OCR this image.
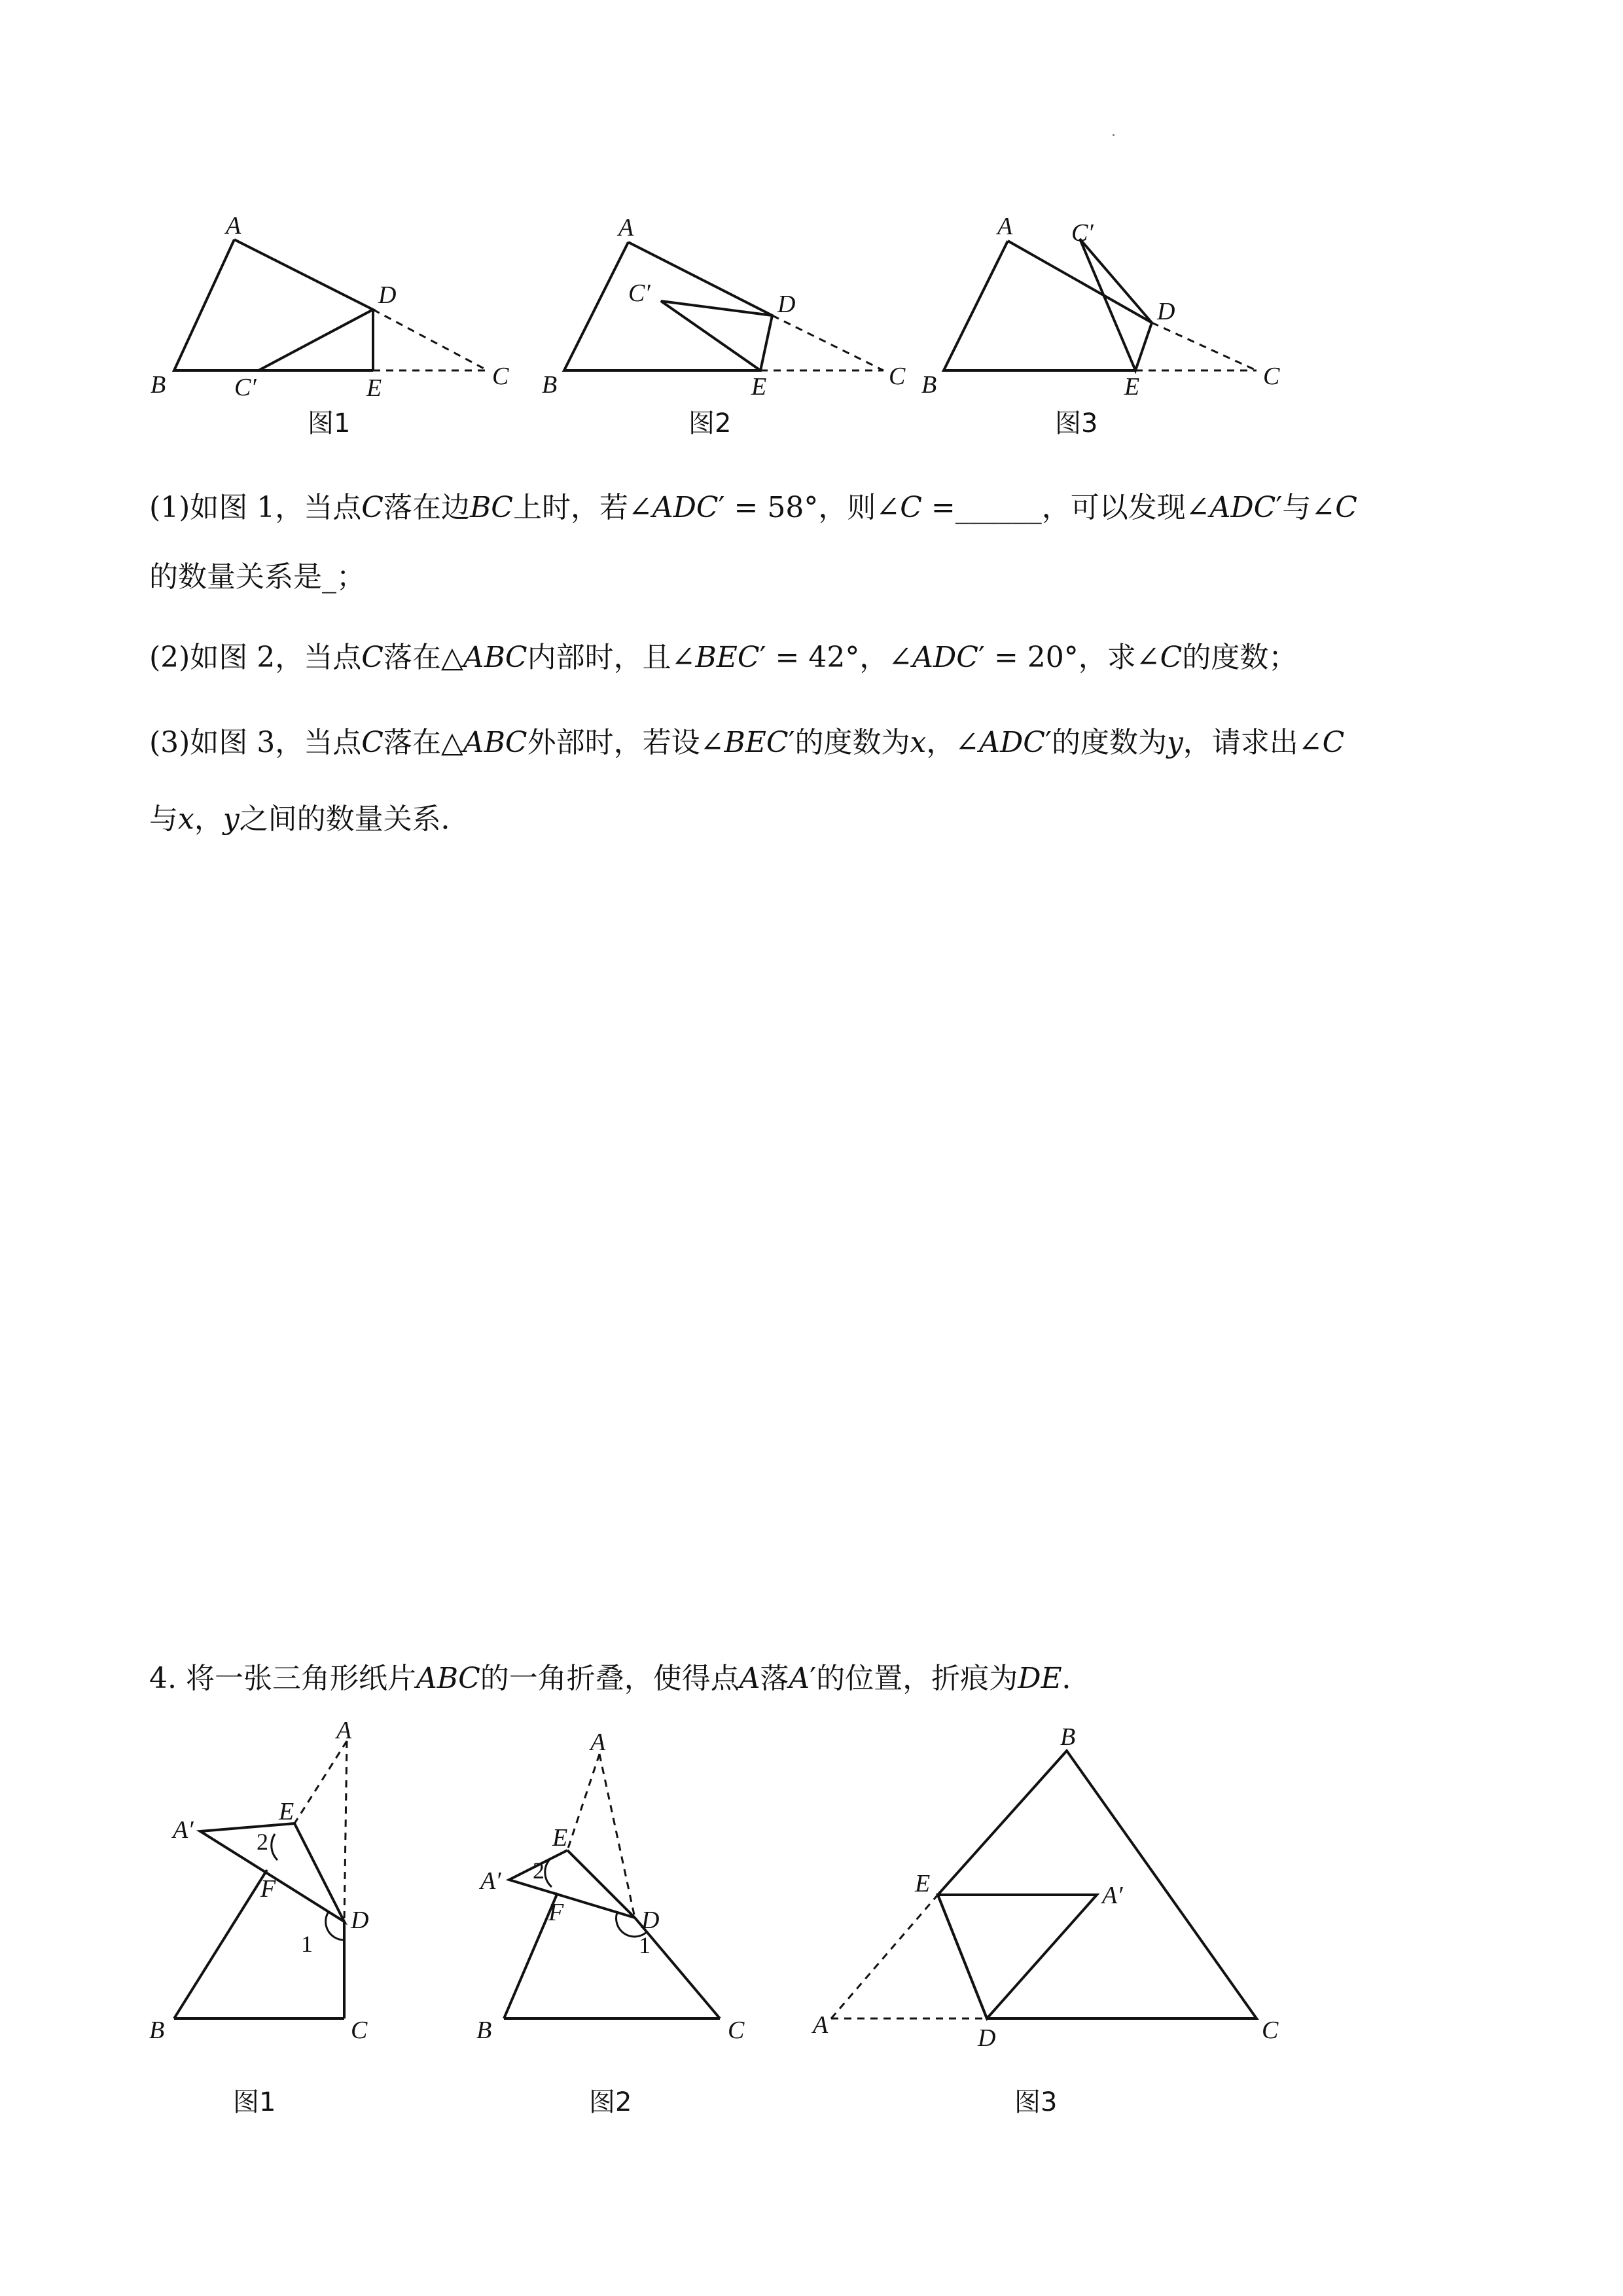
A
B	C′	E
D
C
图1
A
B
C′	D
E	C
图2
A
B
C′
D
E	C
图3
(1)如图 1，当点𝐶落在边𝐵𝐶上时，若∠𝐴𝐷𝐶′ = 58°，则∠𝐶 =______，可以发现∠𝐴𝐷𝐶′与∠𝐶
的数量关系是_；
(2)如图 2，当点𝐶落在△𝐴𝐵𝐶内部时，且∠𝐵𝐸𝐶′ = 42°，∠𝐴𝐷𝐶′ = 20°，求∠𝐶的度数；
(3)如图 3，当点𝐶落在△𝐴𝐵𝐶外部时，若设∠𝐵𝐸𝐶′的度数为𝑥，∠𝐴𝐷𝐶′的度数为𝑦，请求出∠𝐶
与𝑥，𝑦之间的数量关系．
4. 将一张三角形纸片𝐴𝐵𝐶的一角折叠，使得点𝐴落𝐴′的位置，折痕为𝐷𝐸．
A
A′
E
F
D
B	C
1
2
图1
A
A′
E
F	D
B	C
1
2
图2
B
E	A′
A	D	C
图3
